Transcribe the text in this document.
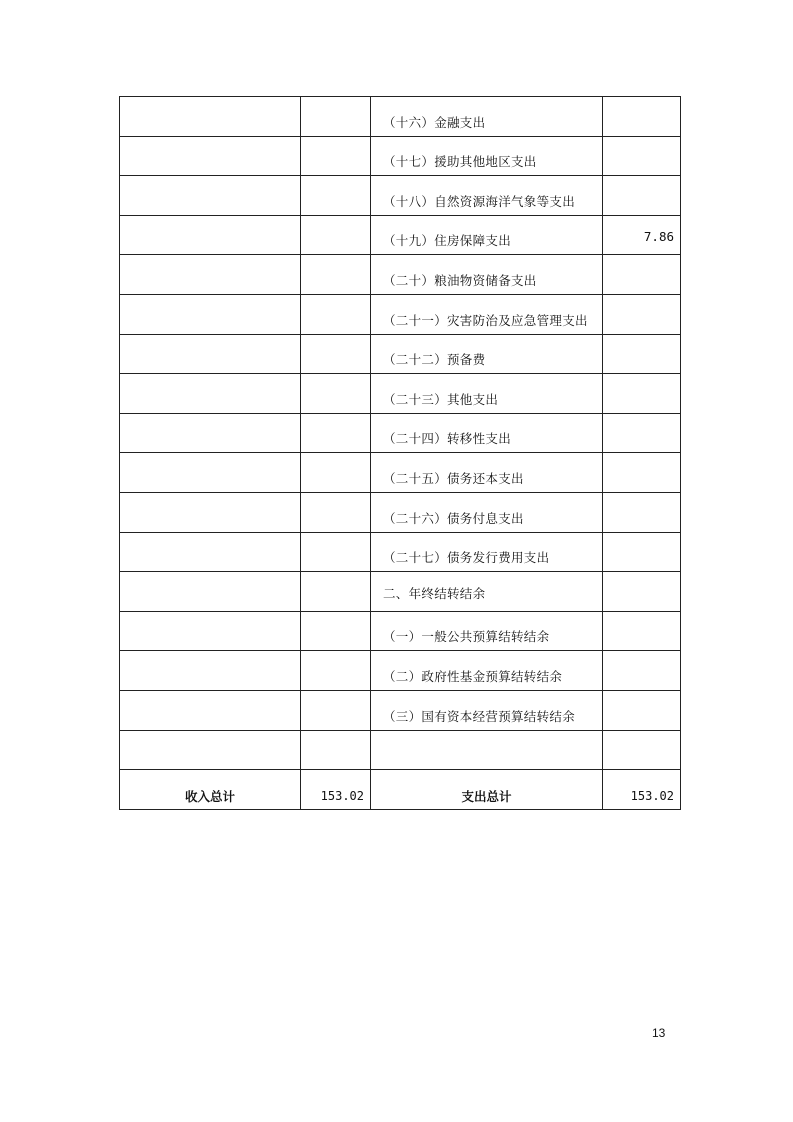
		（十六）金融支出	
		（十七）援助其他地区支出	
		（十八）自然资源海洋气象等支出	
		（十九）住房保障支出	7.86
		（二十）粮油物资储备支出	
		（二十一）灾害防治及应急管理支出	
		（二十二）预备费	
		（二十三）其他支出	
		（二十四）转移性支出	
		（二十五）债务还本支出	
		（二十六）债务付息支出	
		（二十七）债务发行费用支出	
		二、年终结转结余	
		（一）一般公共预算结转结余	
		（二）政府性基金预算结转结余	
		（三）国有资本经营预算结转结余	

收入总计	153.02	支出总计	153.02
13
